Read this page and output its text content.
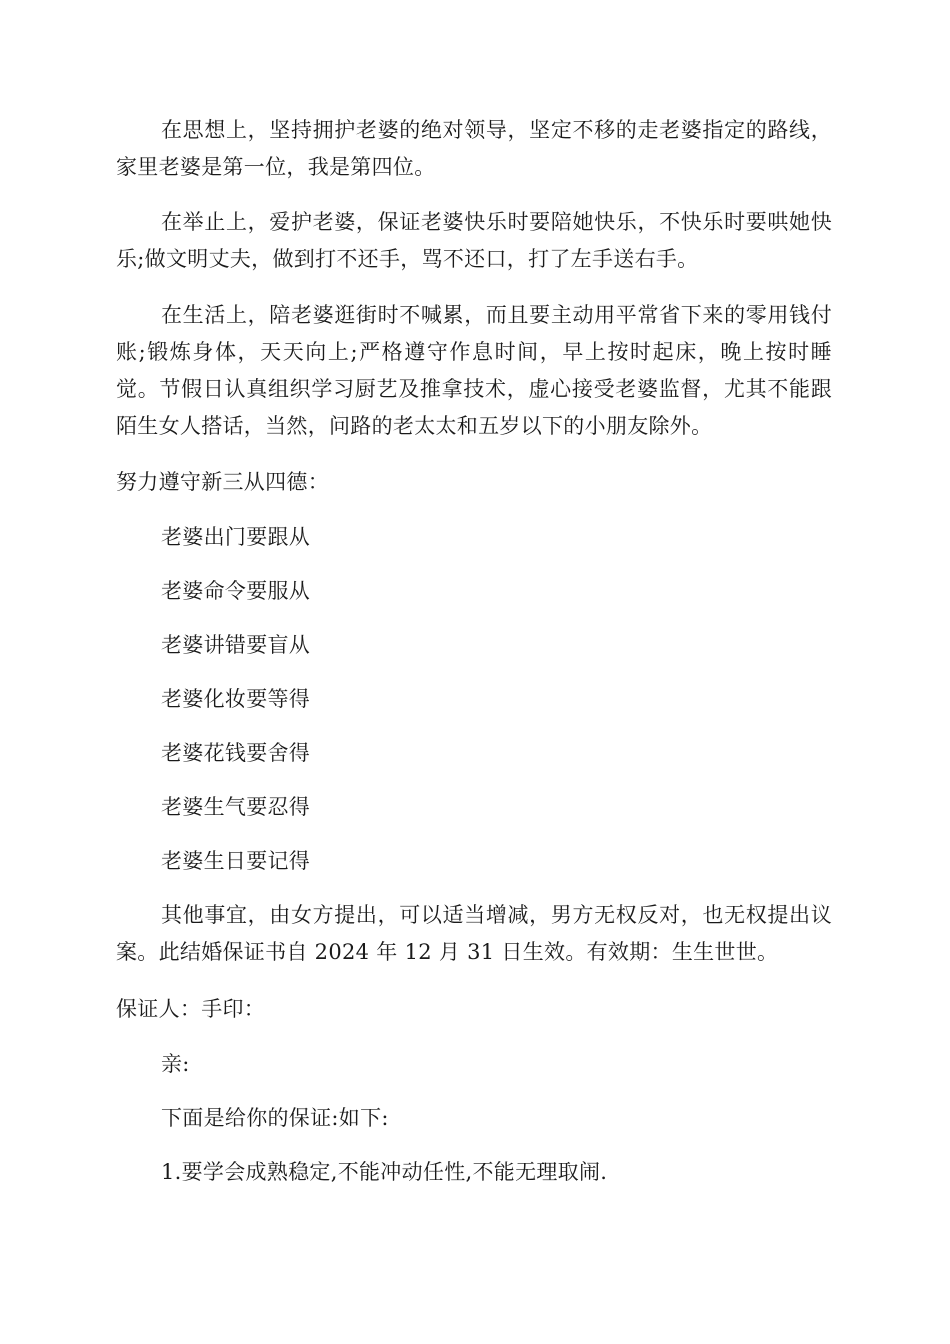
在思想上，坚持拥护老婆的绝对领导，坚定不移的走老婆指定的路线，家里老婆是第一位，我是第四位。

在举止上，爱护老婆，保证老婆快乐时要陪她快乐，不快乐时要哄她快乐;做文明丈夫，做到打不还手，骂不还口，打了左手送右手。

在生活上，陪老婆逛街时不喊累，而且要主动用平常省下来的零用钱付账;锻炼身体，天天向上;严格遵守作息时间，早上按时起床，晚上按时睡觉。节假日认真组织学习厨艺及推拿技术，虚心接受老婆监督，尤其不能跟陌生女人搭话，当然，问路的老太太和五岁以下的小朋友除外。

努力遵守新三从四德：

老婆出门要跟从

老婆命令要服从

老婆讲错要盲从

老婆化妆要等得

老婆花钱要舍得

老婆生气要忍得

老婆生日要记得

其他事宜，由女方提出，可以适当增减，男方无权反对，也无权提出议案。此结婚保证书自 2024 年 12 月 31 日生效。有效期：生生世世。

保证人：手印：

亲:

下面是给你的保证:如下:

1.要学会成熟稳定,不能冲动任性,不能无理取闹.
